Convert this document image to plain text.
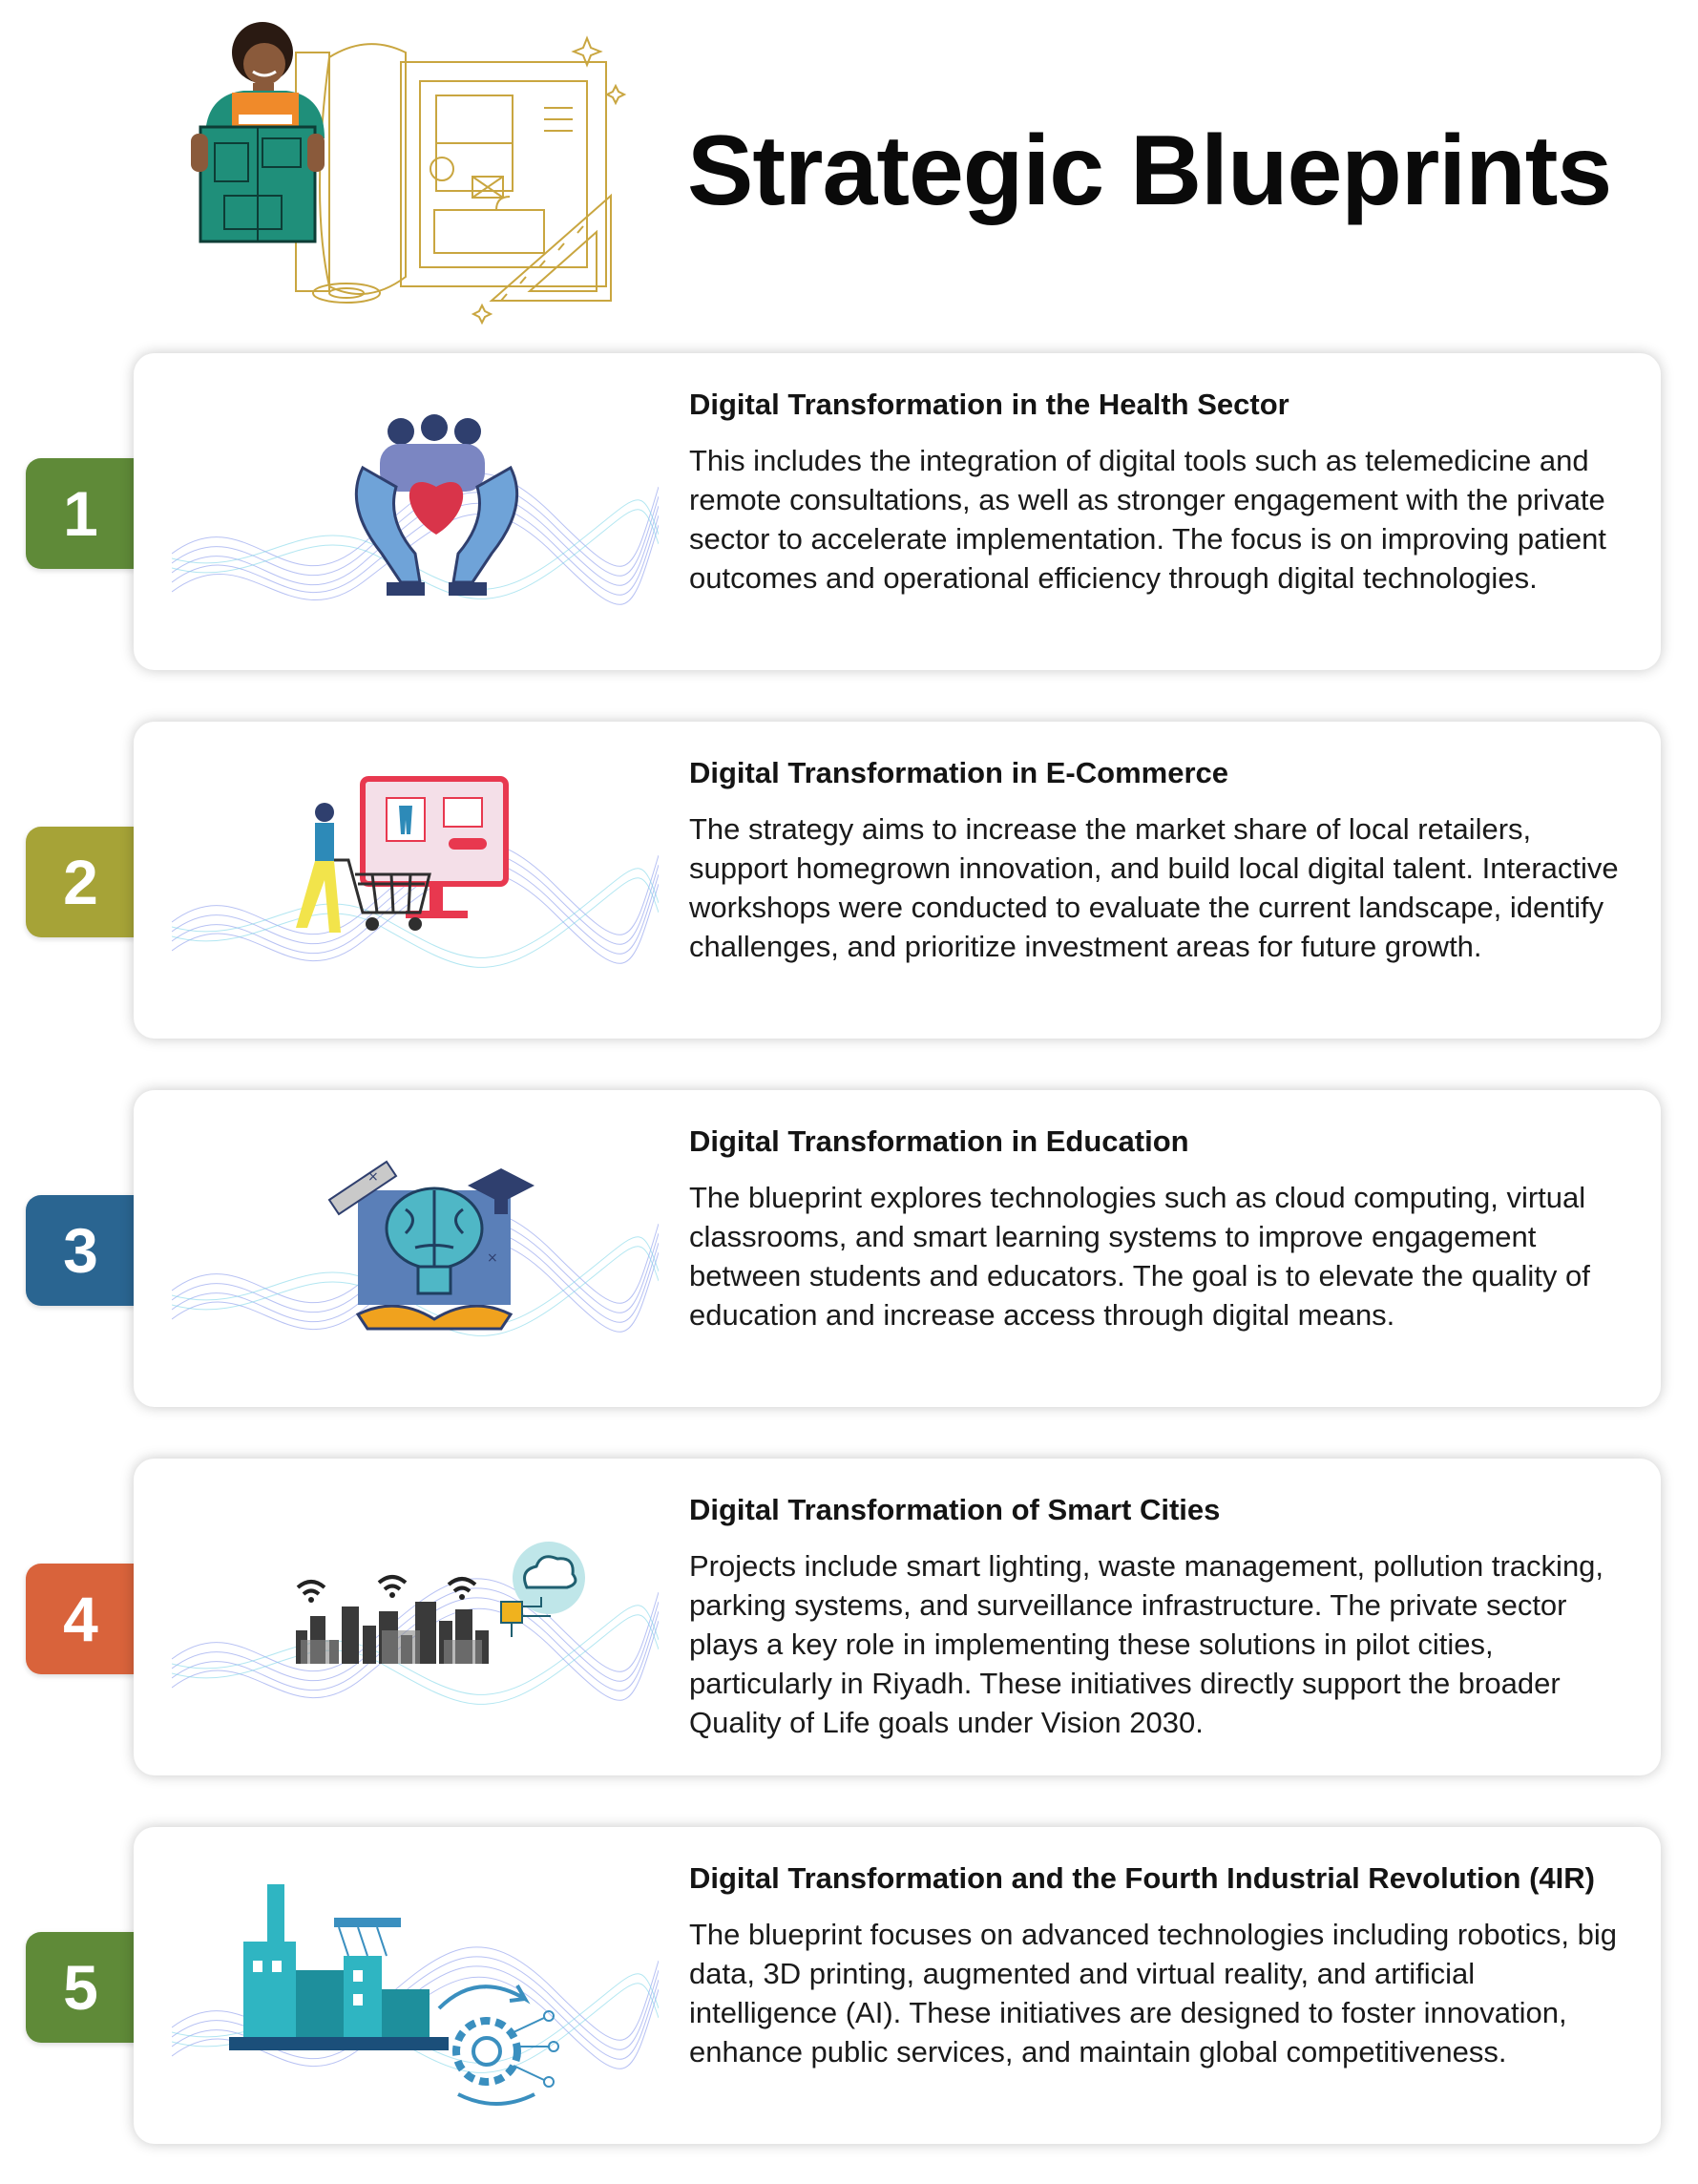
Strategic Blueprints
1
Digital Transformation in the Health Sector
This includes the integration of digital tools such as telemedicine and remote consultations, as well as stronger engagement with the private sector to accelerate implementation. The focus is on improving patient outcomes and operational efficiency through digital technologies.
2
Digital Transformation in E-Commerce
The strategy aims to increase the market share of local retailers, support homegrown innovation, and build local digital talent. Interactive workshops were conducted to evaluate the current landscape, identify challenges, and prioritize investment areas for future growth.
3
×
×
Digital Transformation in Education
The blueprint explores technologies such as cloud computing, virtual classrooms, and smart learning systems to improve engagement between students and educators. The goal is to elevate the quality of education and increase access through digital means.
4
Digital Transformation of Smart Cities
Projects include smart lighting, waste management, pollution tracking, parking systems, and surveillance infrastructure. The private sector plays a key role in implementing these solutions in pilot cities, particularly in Riyadh. These initiatives directly support the broader Quality of Life goals under Vision 2030.
5
Digital Transformation and the Fourth Industrial Revolution (4IR)
The blueprint focuses on advanced technologies including robotics, big data, 3D printing, augmented and virtual reality, and artificial intelligence (AI). These initiatives are designed to foster innovation, enhance public services, and maintain global competitiveness.
